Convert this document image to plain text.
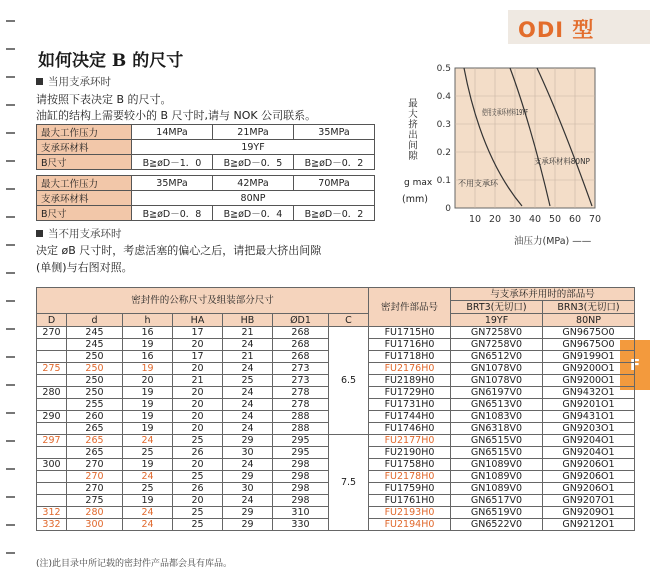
ODI 型
F
如何决定 B 的尺寸
当用支承环时
请按照下表决定 B 的尺寸。
油缸的结构上需要较小的 B 尺寸时,请与 NOK 公司联系。
最大工作压力	14MPa	21MPa	35MPa
支承环材料	19YF		
B尺寸	B≧øD－1．0	B≧øD－0．5	B≧øD－0．2
最大工作压力	35MPa	42MPa	70MPa
支承环材料	80NP		
B尺寸	B≧øD－0．8	B≧øD－0．4	B≧øD－0．2
当不用支承环时
决定 øB 尺寸时，考虑活塞的偏心之后，请把最大挤出间隙
(单侧)与右图对照。
最大挤出间隙
g max
(mm)
0.5
0.4
0.3
0.2
0.1
0
10 20 30 40 50 60 70
油压力(MPa) ——
使用支承环材料19YF
不用支承环
支承环材料80NP
密封件的公称尺寸及组装部分尺寸							密封件部品号	与支承环并用时的部品号	
								BRT3(无切口)	BRN3(无切口)
D	d	h	HA	HB	ØD1	C		19YF	80NP
270	245	16	17	21	268	6.5	FU1715H0	GN7258V0	GN9675O0
	245	19	20	24	268		FU1716H0	GN7258V0	GN9675O0
	250	16	17	21	268		FU1718H0	GN6512V0	GN9199O1
275	250	19	20	24	273		FU2176H0	GN1078V0	GN9200O1
	250	20	21	25	273		FU2189H0	GN1078V0	GN9200O1
280	250	19	20	24	278		FU1729H0	GN6197V0	GN9432O1
	255	19	20	24	278		FU1731H0	GN6513V0	GN9201O1
290	260	19	20	24	288		FU1744H0	GN1083V0	GN9431O1
	265	19	20	24	288		FU1746H0	GN6318V0	GN9203O1
297	265	24	25	29	295	7.5	FU2177H0	GN6515V0	GN9204O1
	265	25	26	30	295		FU2190H0	GN6515V0	GN9204O1
300	270	19	20	24	298		FU1758H0	GN1089V0	GN9206O1
	270	24	25	29	298		FU2178H0	GN1089V0	GN9206O1
	270	25	26	30	298		FU1759H0	GN1089V0	GN9206O1
	275	19	20	24	298		FU1761H0	GN6517V0	GN9207O1
312	280	24	25	29	310		FU2193H0	GN6519V0	GN9209O1
332	300	24	25	29	330		FU2194H0	GN6522V0	GN9212O1
(注)此目录中所记载的密封件产品都会具有库品。
